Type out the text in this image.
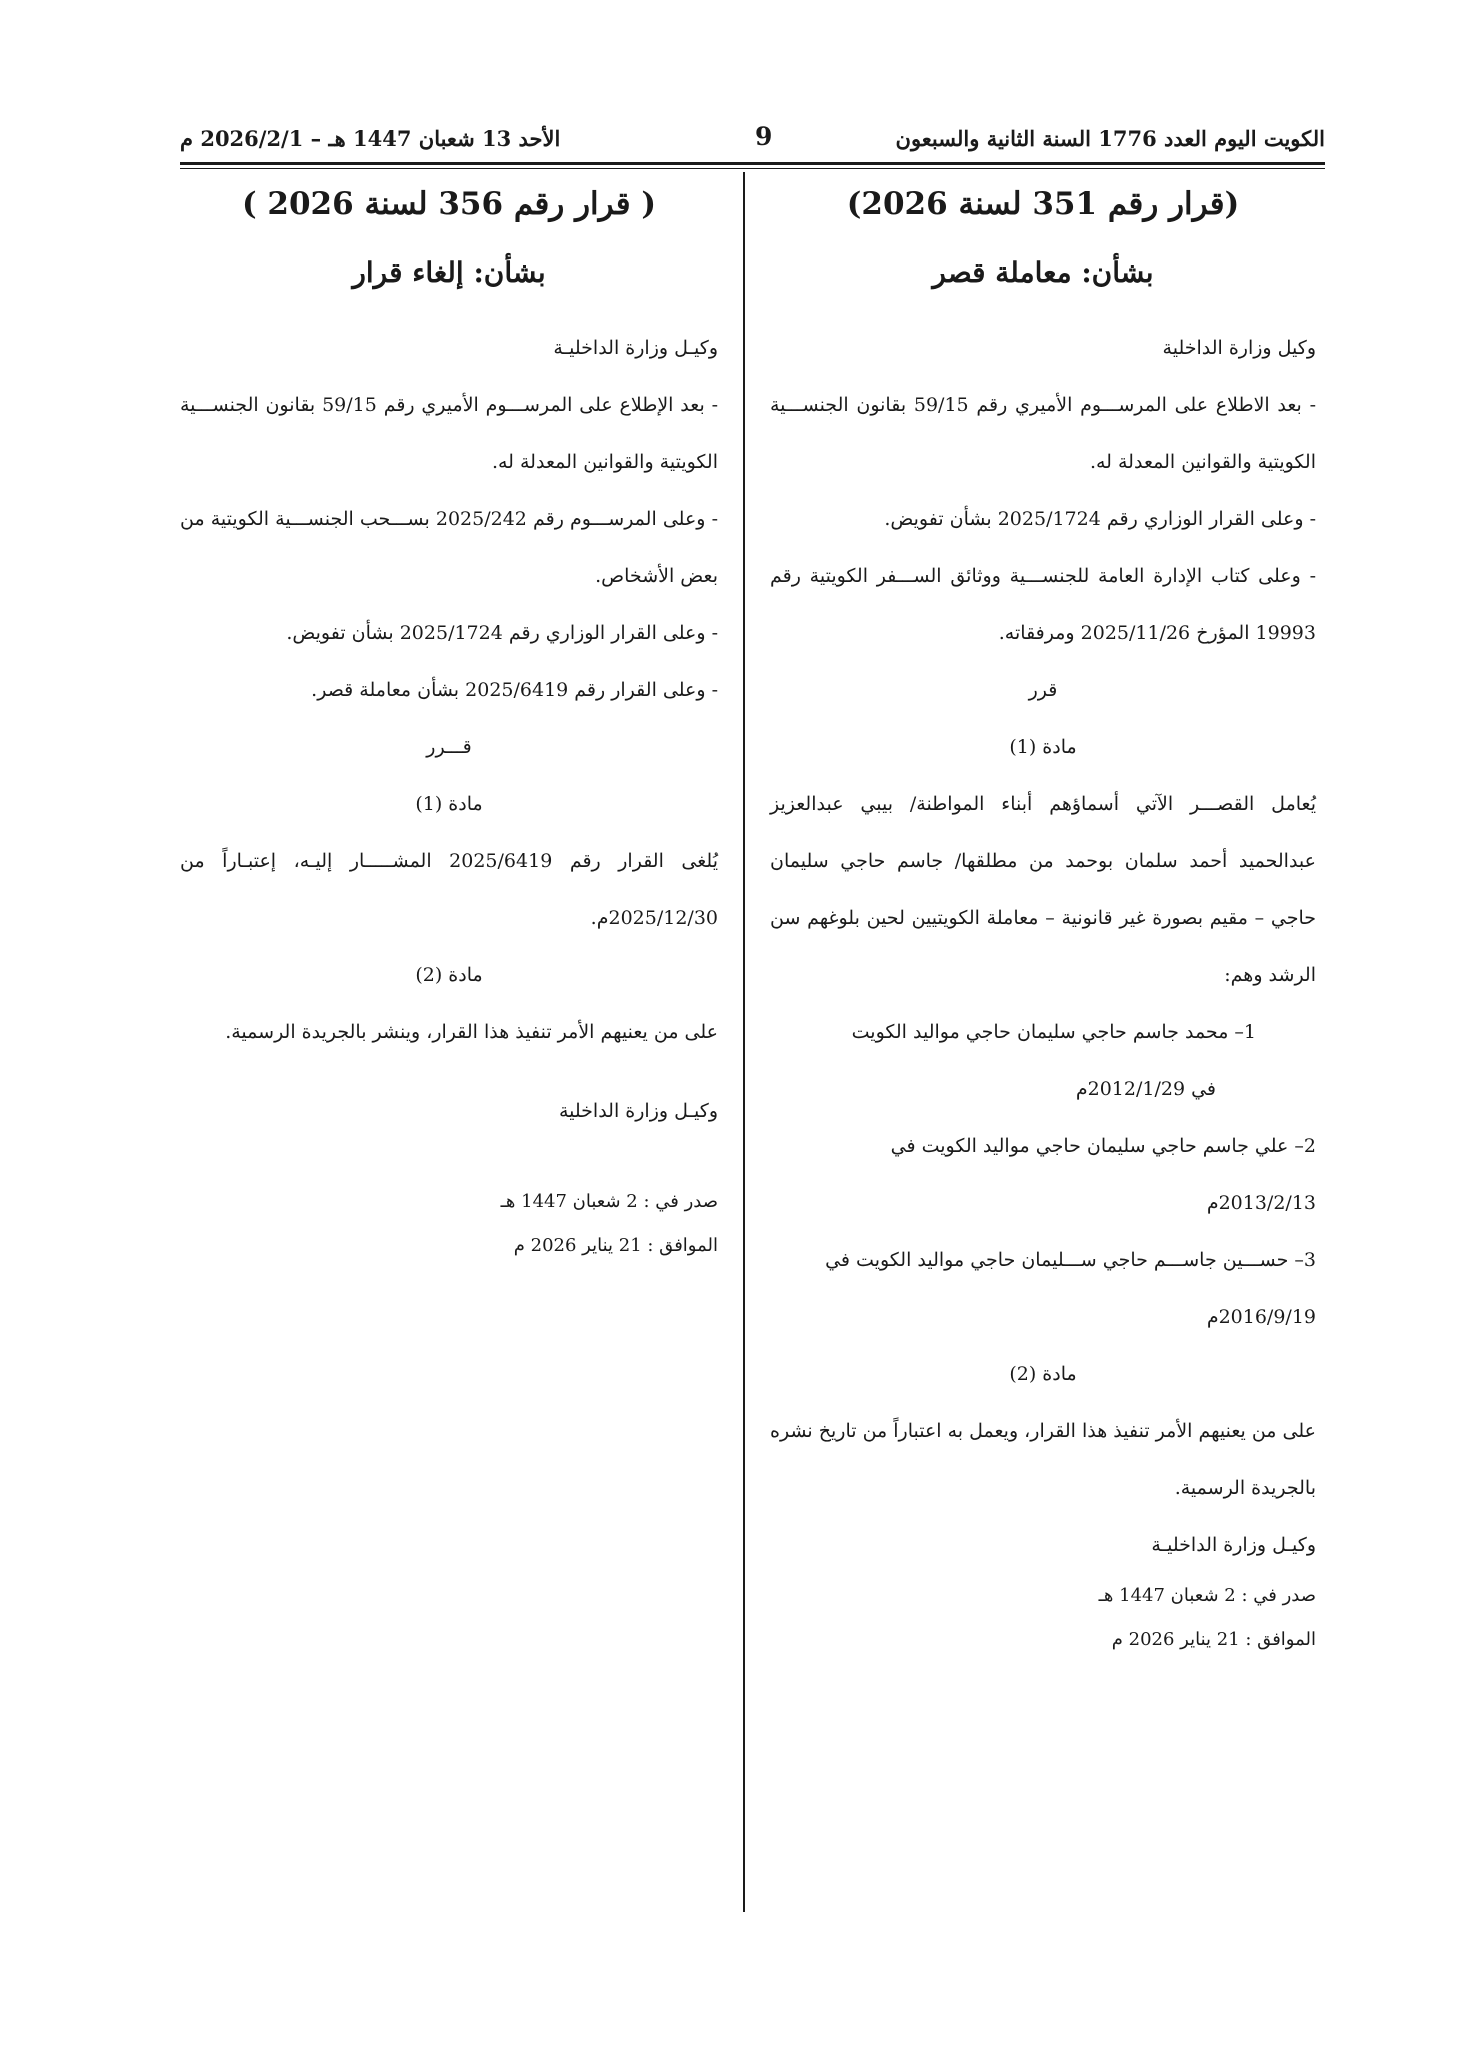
الكويت اليوم العدد 1776 السنة الثانية والسبعون
9
الأحد 13 شعبان 1447 هـ – 2026/2/1 م
(قرار رقم 351 لسنة 2026)
بشأن: معاملة قصر

وكيل وزارة الداخلية

- بعد الاطلاع على المرســـوم الأميري رقم 59/15 بقانون الجنســـية الكويتية والقوانين المعدلة له.

- وعلى القرار الوزاري رقم 2025/1724 بشأن تفويض.

- وعلى كتاب الإدارة العامة للجنســـية ووثائق الســـفر الكويتية رقم 19993 المؤرخ 2025/11/26 ومرفقاته.

قرر

مادة (1)

يُعامل القصـــر الآتي أسماؤهم أبناء المواطنة/ بيبي عبدالعزيز عبدالحميد أحمد سلمان بوحمد من مطلقها/ جاسم حاجي سليمان حاجي – مقيم بصورة غير قانونية – معاملة الكويتيين لحين بلوغهم سن الرشد وهم:

1– محمد جاسم حاجي سليمان حاجي مواليد الكويت

في 2012/1/29م

2– علي جاسم حاجي سليمان حاجي مواليد الكويت في

2013/2/13م

3– حســـين جاســـم حاجي ســـليمان حاجي مواليد الكويت في

2016/9/19م

مادة (2)

على من يعنيهم الأمر تنفيذ هذا القرار، ويعمل به اعتباراً من تاريخ نشره بالجريدة الرسمية.

وكيـل وزارة الداخليـة

صدر في : 2 شعبان 1447 هـ

الموافق : 21 يناير 2026 م

( قرار رقم 356 لسنة 2026 )
بشأن: إلغاء قرار

وكيـل وزارة الداخليـة

- بعد الإطلاع على المرســـوم الأميري رقم 59/15 بقانون الجنســـية الكويتية والقوانين المعدلة له.

- وعلى المرســـوم رقم 2025/242 بســـحب الجنســـية الكويتية من بعض الأشخاص.

- وعلى القرار الوزاري رقم 2025/1724 بشأن تفويض.

- وعلى القرار رقم 2025/6419 بشأن معاملة قصر.

قـــرر

مادة (1)

يُلغى القرار رقم 2025/6419 المشـــــار إليـه، إعتبـاراً من 2025/12/30م.

مادة (2)

على من يعنيهم الأمر تنفيذ هذا القرار، وينشر بالجريدة الرسمية.

وكيـل وزارة الداخلية

صدر في : 2 شعبان 1447 هـ

الموافق : 21 يناير 2026 م
